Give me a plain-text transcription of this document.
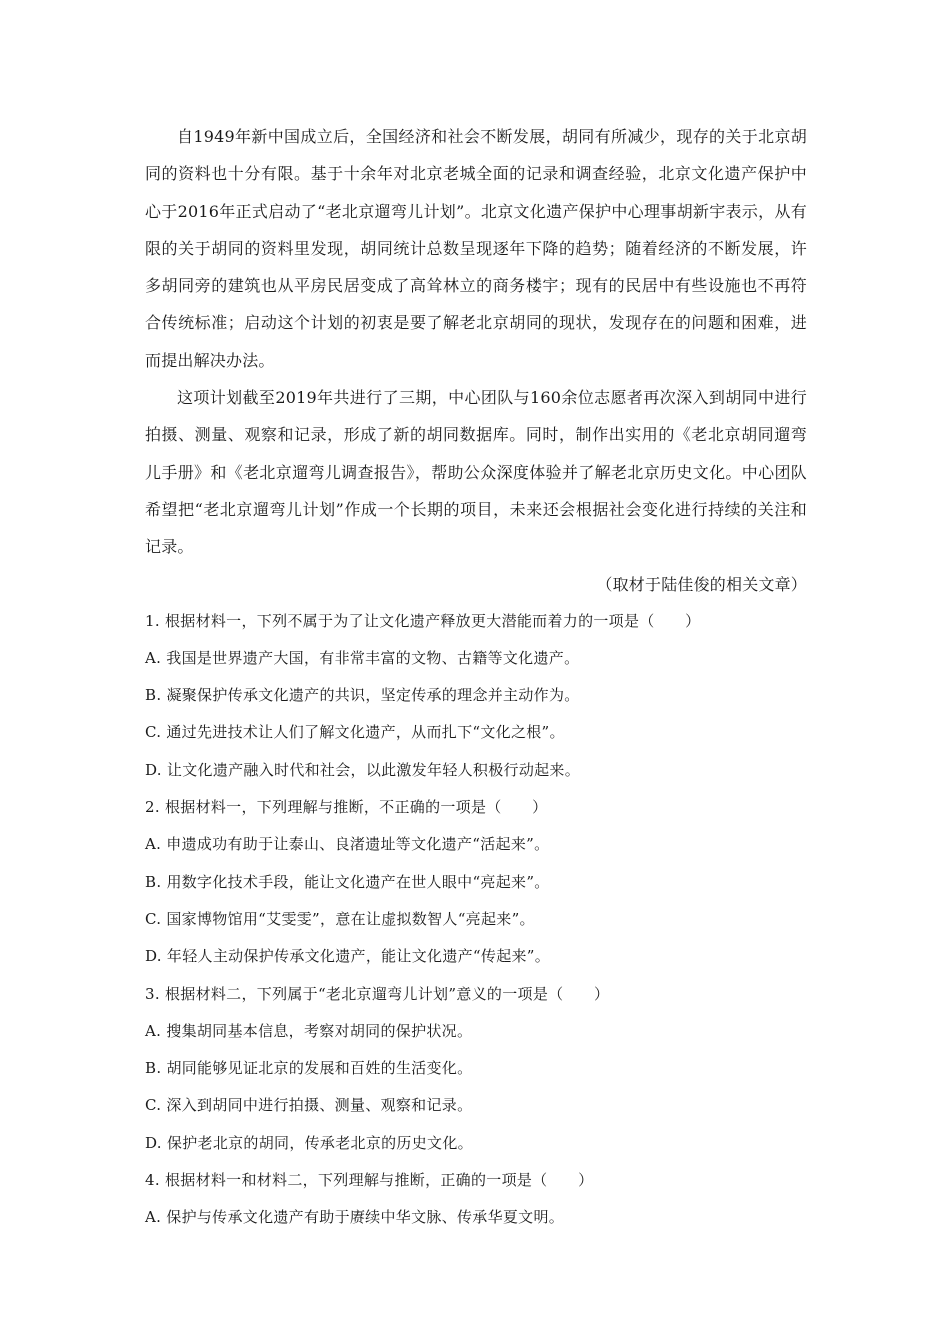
自1949年新中国成立后，全国经济和社会不断发展，胡同有所减少，现存的关于北京胡同的资料也十分有限。基于十余年对北京老城全面的记录和调查经验，北京文化遗产保护中心于2016年正式启动了“老北京遛弯儿计划”。北京文化遗产保护中心理事胡新宇表示，从有限的关于胡同的资料里发现，胡同统计总数呈现逐年下降的趋势；随着经济的不断发展，许多胡同旁的建筑也从平房民居变成了高耸林立的商务楼宇；现有的民居中有些设施也不再符合传统标准；启动这个计划的初衷是要了解老北京胡同的现状，发现存在的问题和困难，进而提出解决办法。

这项计划截至2019年共进行了三期，中心团队与160余位志愿者再次深入到胡同中进行拍摄、测量、观察和记录，形成了新的胡同数据库。同时，制作出实用的《老北京胡同遛弯儿手册》和《老北京遛弯儿调查报告》，帮助公众深度体验并了解老北京历史文化。中心团队希望把“老北京遛弯儿计划”作成一个长期的项目，未来还会根据社会变化进行持续的关注和记录。

（取材于陆佳俊的相关文章）

1. 根据材料一，下列不属于为了让文化遗产释放更大潜能而着力的一项是（　　）

A. 我国是世界遗产大国，有非常丰富的文物、古籍等文化遗产。

B. 凝聚保护传承文化遗产的共识，坚定传承的理念并主动作为。

C. 通过先进技术让人们了解文化遗产，从而扎下“文化之根”。

D. 让文化遗产融入时代和社会，以此激发年轻人积极行动起来。

2. 根据材料一，下列理解与推断，不正确的一项是（　　）

A. 申遗成功有助于让泰山、良渚遗址等文化遗产“活起来”。

B. 用数字化技术手段，能让文化遗产在世人眼中“亮起来”。

C. 国家博物馆用“艾雯雯”，意在让虚拟数智人“亮起来”。

D. 年轻人主动保护传承文化遗产，能让文化遗产“传起来”。

3. 根据材料二，下列属于“老北京遛弯儿计划”意义的一项是（　　）

A. 搜集胡同基本信息，考察对胡同的保护状况。

B. 胡同能够见证北京的发展和百姓的生活变化。

C. 深入到胡同中进行拍摄、测量、观察和记录。

D. 保护老北京的胡同，传承老北京的历史文化。

4. 根据材料一和材料二，下列理解与推断，正确的一项是（　　）

A. 保护与传承文化遗产有助于赓续中华文脉、传承华夏文明。
